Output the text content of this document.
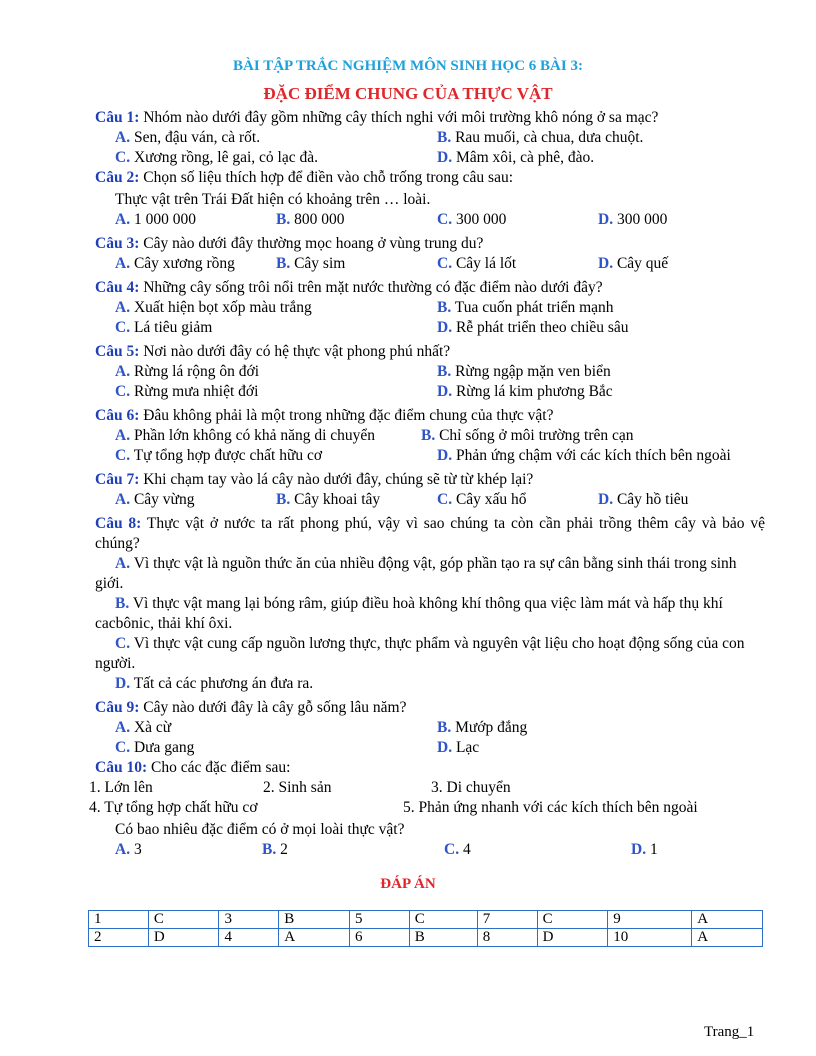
BÀI TẬP TRẮC NGHIỆM MÔN SINH HỌC 6 BÀI 3:
ĐẶC ĐIỂM CHUNG CỦA THỰC VẬT

Câu 1: Nhóm nào dưới đây gồm những cây thích nghi với môi trường khô nóng ở sa mạc?

A. Sen, đậu ván, cà rốt.	B. Rau muối, cà chua, dưa chuột.
C. Xương rồng, lê gai, cỏ lạc đà.	D. Mâm xôi, cà phê, đào.

Câu 2: Chọn số liệu thích hợp để điền vào chỗ trống trong câu sau:

Thực vật trên Trái Đất hiện có khoảng trên … loài.

A. 1 000 000	B. 800 000	C. 300 000	D. 300 000

Câu 3: Cây nào dưới đây thường mọc hoang ở vùng trung du?

A. Cây xương rồng	B. Cây sim	C. Cây lá lốt	D. Cây quế

Câu 4: Những cây sống trôi nổi trên mặt nước thường có đặc điểm nào dưới đây?

A. Xuất hiện bọt xốp màu trắng	B. Tua cuốn phát triển mạnh
C. Lá tiêu giảm	D. Rễ phát triển theo chiều sâu

Câu 5: Nơi nào dưới đây có hệ thực vật phong phú nhất?

A. Rừng lá rộng ôn đới	B. Rừng ngập mặn ven biển
C. Rừng mưa nhiệt đới	D. Rừng lá kim phương Bắc

Câu 6: Đâu không phải là một trong những đặc điểm chung của thực vật?

A. Phần lớn không có khả năng di chuyển	B. Chỉ sống ở môi trường trên cạn
C. Tự tổng hợp được chất hữu cơ	D. Phản ứng chậm với các kích thích bên ngoài

Câu 7: Khi chạm tay vào lá cây nào dưới đây, chúng sẽ từ từ khép lại?

A. Cây vừng	B. Cây khoai tây	C. Cây xấu hổ	D. Cây hồ tiêu

Câu 8: Thực vật ở nước ta rất phong phú, vậy vì sao chúng ta còn cần phải trồng thêm cây và bảo vệ chúng?

A. Vì thực vật là nguồn thức ăn của nhiều động vật, góp phần tạo ra sự cân bằng sinh thái trong sinh giới.

B. Vì thực vật mang lại bóng râm, giúp điều hoà không khí thông qua việc làm mát và hấp thụ khí cacbônic, thải khí ôxi.

C. Vì thực vật cung cấp nguồn lương thực, thực phẩm và nguyên vật liệu cho hoạt động sống của con người.

D. Tất cả các phương án đưa ra.

Câu 9: Cây nào dưới đây là cây gỗ sống lâu năm?

A. Xà cừ	B. Mướp đắng
C. Dưa gang	D. Lạc

Câu 10: Cho các đặc điểm sau:

1. Lớn lên	2. Sinh sản	3. Di chuyển
4. Tự tổng hợp chất hữu cơ	5. Phản ứng nhanh với các kích thích bên ngoài

Có bao nhiêu đặc điểm có ở mọi loài thực vật?

A. 3	B. 2	C. 4	D. 1
ĐÁP ÁN
1	C	3	B	5	C	7	C	9	A
2	D	4	A	6	B	8	D	10	A
Trang_1
